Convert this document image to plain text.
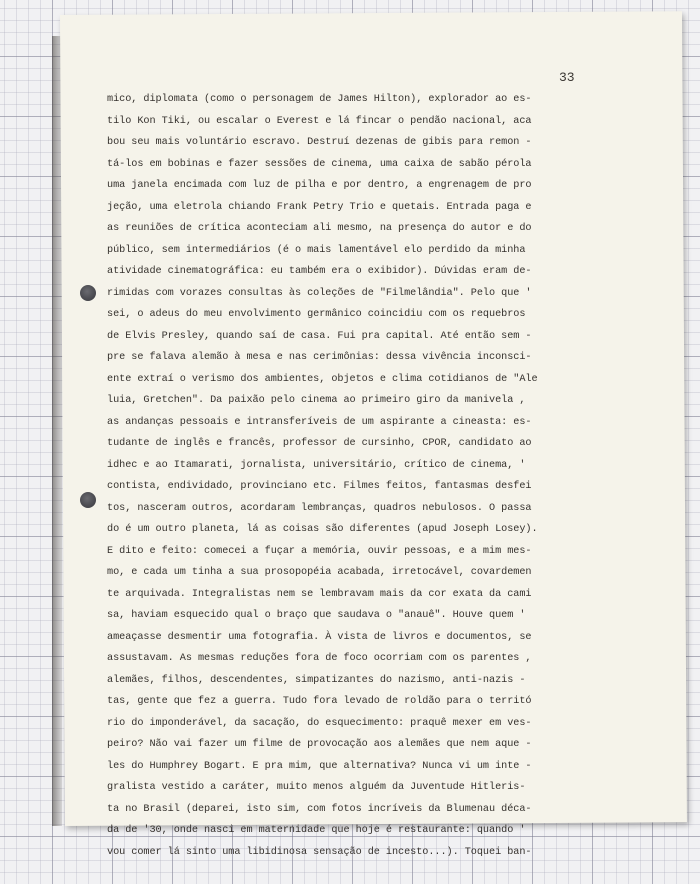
33
mico, diplomata (como o personagem de James Hilton), explorador ao es-
tilo Kon Tiki, ou escalar o Everest e lá fincar o pendão nacional, aca
bou seu mais voluntário escravo. Destruí dezenas de gibis para remon -
tá-los em bobinas e fazer sessões de cinema, uma caixa de sabão pérola
uma janela encimada com luz de pilha e por dentro, a engrenagem de pro
jeção, uma eletrola chiando Frank Petry Trio e quetais. Entrada paga e
as reuniões de crítica aconteciam ali mesmo, na presença do autor e do
público, sem intermediários (é o mais lamentável elo perdido da minha
atividade cinematográfica: eu também era o exibidor). Dúvidas eram de-
rimidas com vorazes consultas às coleções de "Filmelândia". Pelo que '
sei, o adeus do meu envolvimento germânico coincidiu com os requebros
de Elvis Presley, quando saí de casa. Fui pra capital. Até então sem -
pre se falava alemão à mesa e nas cerimônias: dessa vivência inconsci-
ente extraí o verismo dos ambientes, objetos e clima cotidianos de "Ale
luia, Gretchen". Da paixão pelo cinema ao primeiro giro da manivela ,
as andanças pessoais e intransferíveis de um aspirante a cineasta: es-
tudante de inglês e francês, professor de cursinho, CPOR, candidato ao
idhec e ao Itamarati, jornalista, universitário, crítico de cinema, '
contista, endividado, provinciano etc. Filmes feitos, fantasmas desfei
tos, nasceram outros, acordaram lembranças, quadros nebulosos. O passa
do é um outro planeta, lá as coisas são diferentes (apud Joseph Losey).
E dito e feito: comecei a fuçar a memória, ouvir pessoas, e a mim mes-
mo, e cada um tinha a sua prosopopéia acabada, irretocável, covardemen
te arquivada. Integralistas nem se lembravam mais da cor exata da cami
sa, haviam esquecido qual o braço que saudava o "anauê". Houve quem '
ameaçasse desmentir uma fotografia. À vista de livros e documentos, se
assustavam. As mesmas reduções fora de foco ocorriam com os parentes ,
alemães, filhos, descendentes, simpatizantes do nazismo, anti-nazis -
tas, gente que fez a guerra. Tudo fora levado de roldão para o territó
rio do imponderável, da sacação, do esquecimento: praquê mexer em ves-
peiro? Não vai fazer um filme de provocação aos alemães que nem aque -
les do Humphrey Bogart. E pra mim, que alternativa? Nunca vi um inte -
gralista vestido a caráter, muito menos alguém da Juventude Hitleris-
ta no Brasil (deparei, isto sim, com fotos incríveis da Blumenau déca-
da de '30, onde nasci em maternidade que hoje é restaurante: quando '
vou comer lá sinto uma libidinosa sensação de incesto...). Toquei ban-
